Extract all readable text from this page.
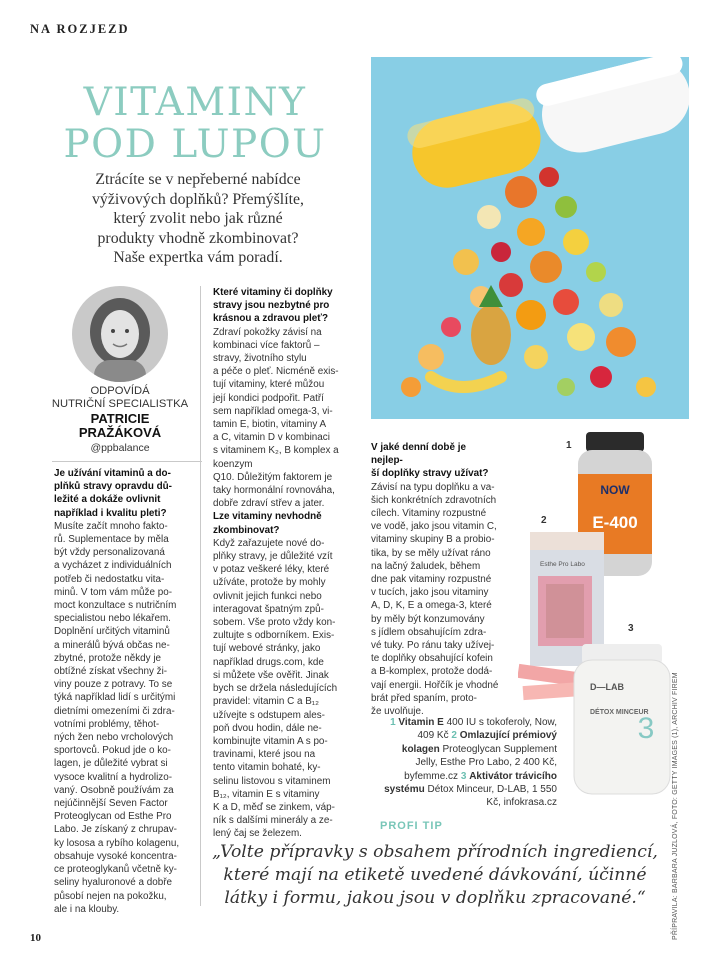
NA ROZJEZD
VITAMINY
POD LUPOU

Ztrácíte se v nepřeberné nabídce
výživových doplňků? Přemýšlíte,
který zvolit nebo jak různé
produkty vhodně zkombinovat?
Naše expertka vám poradí.

ODPOVÍDÁ
NUTRIČNÍ SPECIALISTKA
PATRICIE
PRAŽÁKOVÁ
@ppbalance
Je užívání vitaminů a do-
plňků stravy opravdu dů-
ležité a dokáže ovlivnit
například i kvalitu pleti?

Musíte začít mnoho fakto-
rů. Suplementace by měla
být vždy personalizovaná
a vycházet z individuálních
potřeb či nedostatku vita-
minů. V tom vám může po-
moct konzultace s nutričním
specialistou nebo lékařem.
Doplnění určitých vitaminů
a minerálů bývá občas ne-
zbytné, protože někdy je
obtížné získat všechny ži-
viny pouze z potravy. To se
týká například lidí s určitými
dietními omezeními či zdra-
votními problémy, těhot-
ných žen nebo vrcholových
sportovců. Pokud jde o ko-
lagen, je důležité vybrat si
vysoce kvalitní a hydrolizo-
vaný. Osobně používám za
nejúčinnější Seven Factor
Proteoglycan od Esthe Pro
Labo. Je získaný z chrupav-
ky lososa a rybího kolagenu,
obsahuje vysoké koncentra-
ce proteoglykanů včetně ky-
seliny hyaluronové a dobře
působí nejen na pokožku,
ale i na klouby.

Které vitaminy či doplňky
stravy jsou nezbytné pro
krásnou a zdravou pleť?

Zdraví pokožky závisí na
kombinaci více faktorů –
stravy, životního stylu
a péče o pleť. Nicméně exis-
tují vitaminy, které můžou
její kondici podpořit. Patří
sem například omega-3, vi-
tamin E, biotin, vitaminy A
a C, vitamin D v kombinaci
s vitaminem K₂, B komplex a koenzym
Q10. Důležitým faktorem je
taky hormonální rovnováha,
dobře zdraví střev a jater.

Lze vitaminy nevhodně
zkombinovat?

Když zařazujete nové do-
plňky stravy, je důležité vzít
v potaz veškeré léky, které
užíváte, protože by mohly
ovlivnit jejich funkci nebo
interagovat špatným způ-
sobem. Vše proto vždy kon-
zultujte s odborníkem. Exis-
tují webové stránky, jako
například drugs.com, kde
si můžete vše ověřit. Jinak
bych se držela následujících
pravidel: vitamin C a B₁₂
užívejte s odstupem ales-
poň dvou hodin, dále ne-
kombinujte vitamin A s po-
travinami, které jsou na
tento vitamin bohaté, ky-
selinu listovou s vitaminem
B₁₂, vitamin E s vitaminy
K a D, měď se zinkem, váp-
ník s dalšími minerály a ze-
lený čaj se železem.

V jaké denní době je nejlep-
ší doplňky stravy užívat?

Závisí na typu doplňku a va-
šich konkrétních zdravotních
cílech. Vitaminy rozpustné
ve vodě, jako jsou vitamin C,
vitaminy skupiny B a probio-
tika, by se měly užívat ráno
na lačný žaludek, během
dne pak vitaminy rozpustné
v tucích, jako jsou vitaminy
A, D, K, E a omega-3, které
by měly být konzumovány
s jídlem obsahujícím zdra-
vé tuky. Po ránu taky užívej-
te doplňky obsahující kofein
a B-komplex, protože dodá-
vají energii. Hořčík je vhodné
brát před spaním, proto-
že uvolňuje.

1
NOW
E-400
2
Esthe Pro Labo
3
D—LAB
DÉTOX MINCEUR
3
1 Vitamin E 400 IU s tokoferoly, Now, 409 Kč 2 Omlazující prémiový kolagen Proteoglycan Supplement Jelly, Esthe Pro Labo, 2 400 Kč, byfemme.cz 3 Aktivátor trávicího systému Détox Minceur, D-LAB, 1 550 Kč, infokrasa.cz	PŘÍPRAVILA: BARBARA JUZLOVÁ, FOTO: GETTY IMAGES (1), ARCHIV FIREM
PROFI TIP

„Volte přípravky s obsahem přírodních ingrediencí,
které mají na etiketě uvedené dávkování, účinné
látky i formu, jakou jsou v doplňku zpracované.“

10
